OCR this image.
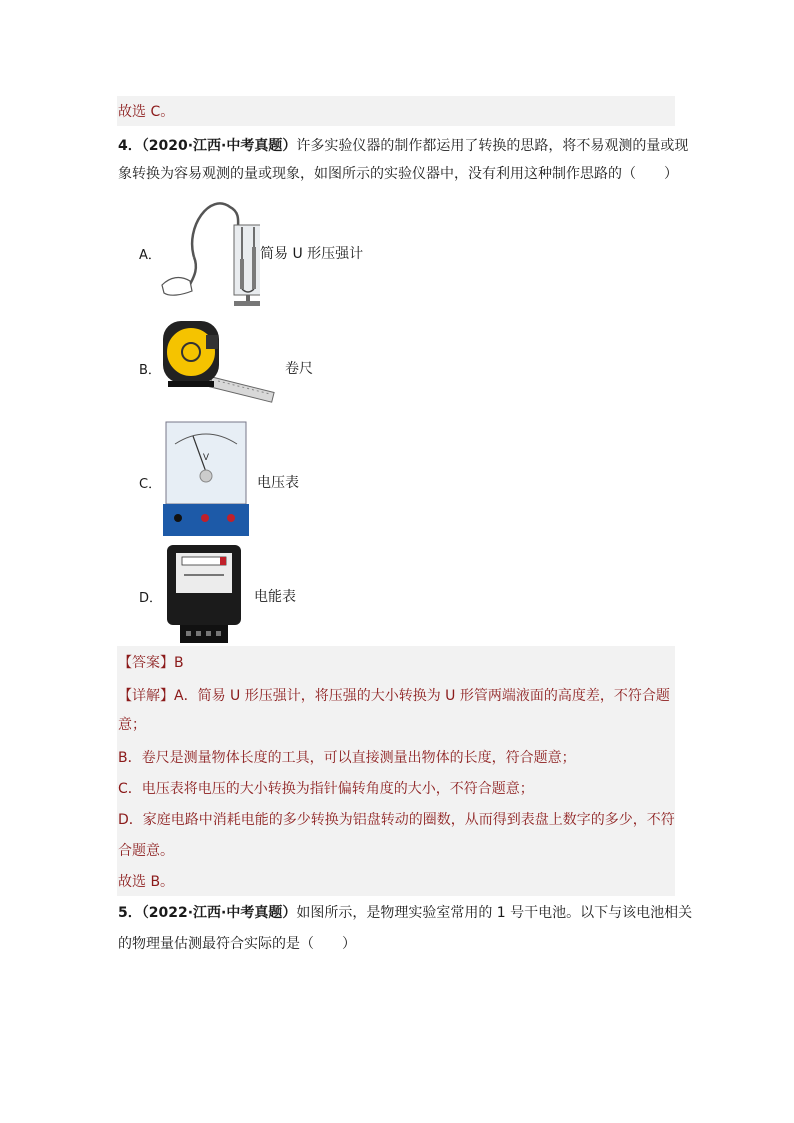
故选 C。
4．（2020·江西·中考真题）许多实验仪器的制作都运用了转换的思路，将不易观测的量或现
象转换为容易观测的量或现象，如图所示的实验仪器中，没有利用这种制作思路的（　　）
A．	简易 U 形压强计
B．	卷尺
C．
V
电压表
D．	电能表
【答案】B
【详解】A．简易 U 形压强计，将压强的大小转换为 U 形管两端液面的高度差，不符合题
意；
B．卷尺是测量物体长度的工具，可以直接测量出物体的长度，符合题意；
C．电压表将电压的大小转换为指针偏转角度的大小，不符合题意；
D．家庭电路中消耗电能的多少转换为铝盘转动的圈数，从而得到表盘上数字的多少，不符
合题意。
故选 B。
5．（2022·江西·中考真题）如图所示，是物理实验室常用的 1 号干电池。以下与该电池相关
的物理量估测最符合实际的是（　　）
